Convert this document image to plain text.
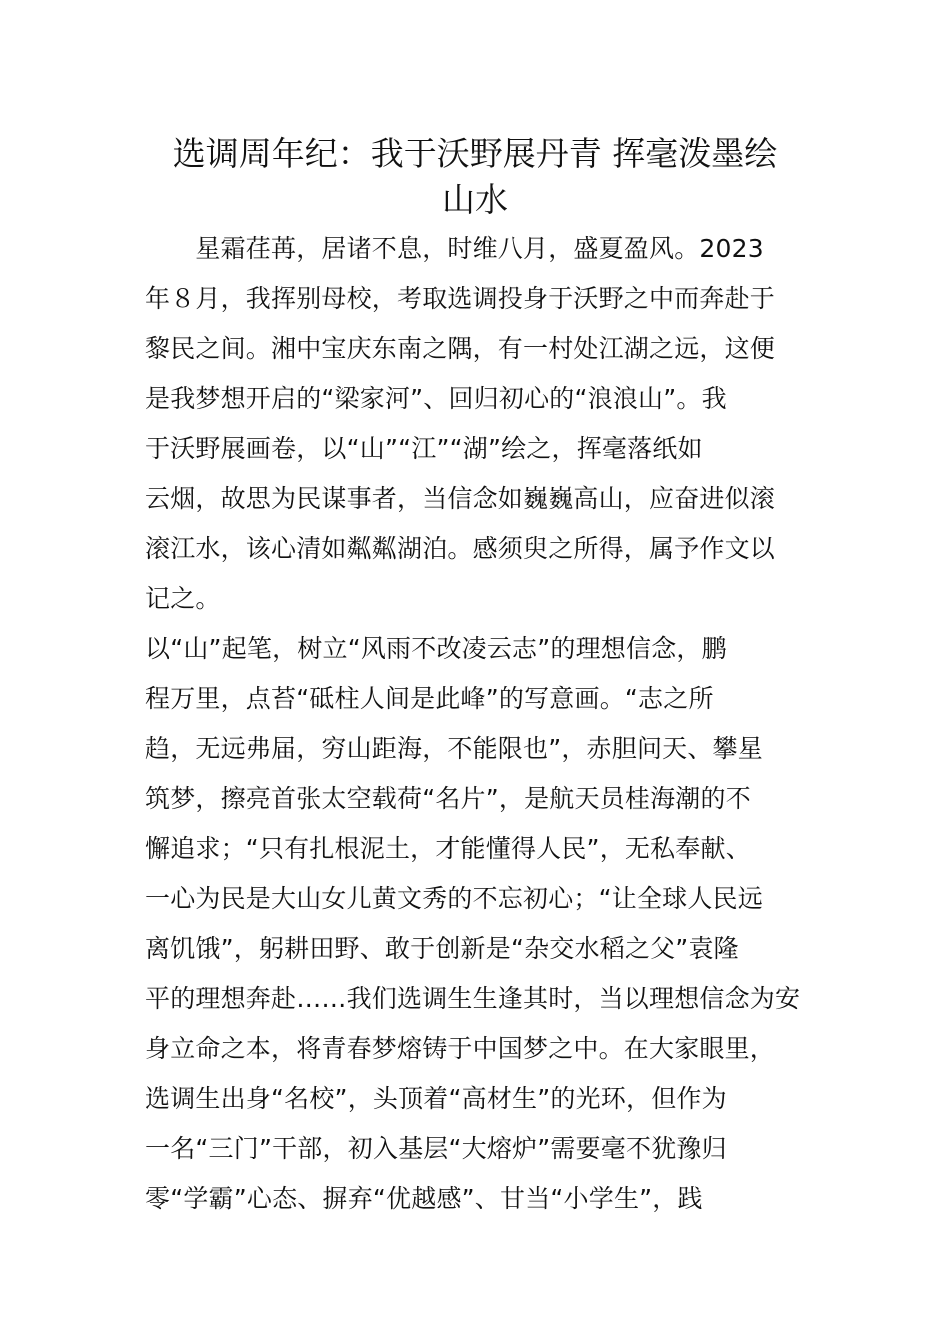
选调周年纪：我于沃野展丹青 挥毫泼墨绘
山水
　　星霜荏苒，居诸不息，时维八月，盛夏盈风。2023
年８月，我挥别母校，考取选调投身于沃野之中而奔赴于
黎民之间。湘中宝庆东南之隅，有一村处江湖之远，这便
是我梦想开启的“梁家河”、回归初心的“浪浪山”。我
于沃野展画卷，以“山”“江”“湖”绘之，挥毫落纸如
云烟，故思为民谋事者，当信念如巍巍高山，应奋进似滚
滚江水，该心清如粼粼湖泊。感须臾之所得，属予作文以
记之。
以“山”起笔，树立“风雨不改凌云志”的理想信念，鹏
程万里，点苔“砥柱人间是此峰”的写意画。“志之所
趋，无远弗届，穷山距海，不能限也”，赤胆问天、攀星
筑梦，擦亮首张太空载荷“名片”，是航天员桂海潮的不
懈追求；“只有扎根泥土，才能懂得人民”，无私奉献、
一心为民是大山女儿黄文秀的不忘初心；“让全球人民远
离饥饿”，躬耕田野、敢于创新是“杂交水稻之父”袁隆
平的理想奔赴……我们选调生生逢其时，当以理想信念为安
身立命之本，将青春梦熔铸于中国梦之中。在大家眼里，
选调生出身“名校”，头顶着“高材生”的光环，但作为
一名“三门”干部，初入基层“大熔炉”需要毫不犹豫归
零“学霸”心态、摒弃“优越感”、甘当“小学生”，践
